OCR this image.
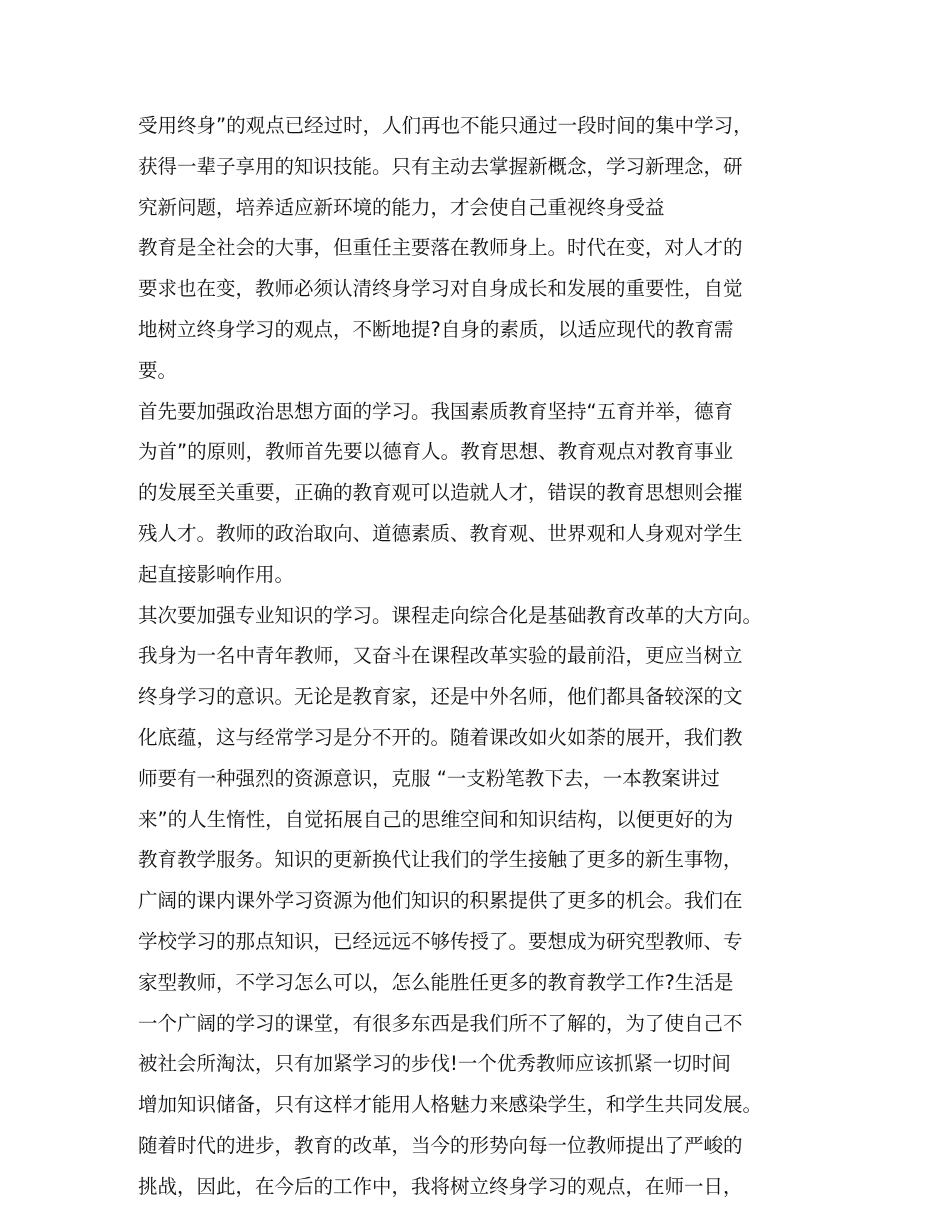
受用终身”的观点已经过时，人们再也不能只通过一段时间的集中学习，
获得一辈子享用的知识技能。只有主动去掌握新概念，学习新理念，研
究新问题，培养适应新环境的能力，才会使自己重视终身受益
教育是全社会的大事，但重任主要落在教师身上。时代在变，对人才的
要求也在变，教师必须认清终身学习对自身成长和发展的重要性，自觉
地树立终身学习的观点，不断地提?自身的素质，以适应现代的教育需
要。
首先要加强政治思想方面的学习。我国素质教育坚持“五育并举，德育
为首”的原则，教师首先要以德育人。教育思想、教育观点对教育事业
的发展至关重要，正确的教育观可以造就人才，错误的教育思想则会摧
残人才。教师的政治取向、道德素质、教育观、世界观和人身观对学生
起直接影响作用。
其次要加强专业知识的学习。课程走向综合化是基础教育改革的大方向。
我身为一名中青年教师，又奋斗在课程改革实验的最前沿，更应当树立
终身学习的意识。无论是教育家，还是中外名师，他们都具备较深的文
化底蕴，这与经常学习是分不开的。随着课改如火如荼的展开，我们教
师要有一种强烈的资源意识，克服 “一支粉笔教下去，一本教案讲过
来”的人生惰性，自觉拓展自己的思维空间和知识结构，以便更好的为
教育教学服务。知识的更新换代让我们的学生接触了更多的新生事物，
广阔的课内课外学习资源为他们知识的积累提供了更多的机会。我们在
学校学习的那点知识，已经远远不够传授了。要想成为研究型教师、专
家型教师，不学习怎么可以，怎么能胜任更多的教育教学工作?生活是
一个广阔的学习的课堂，有很多东西是我们所不了解的，为了使自己不
被社会所淘汰，只有加紧学习的步伐!一个优秀教师应该抓紧一切时间
增加知识储备，只有这样才能用人格魅力来感染学生，和学生共同发展。
随着时代的进步，教育的改革，当今的形势向每一位教师提出了严峻的
挑战，因此，在今后的工作中，我将树立终身学习的观点，在师一日，
